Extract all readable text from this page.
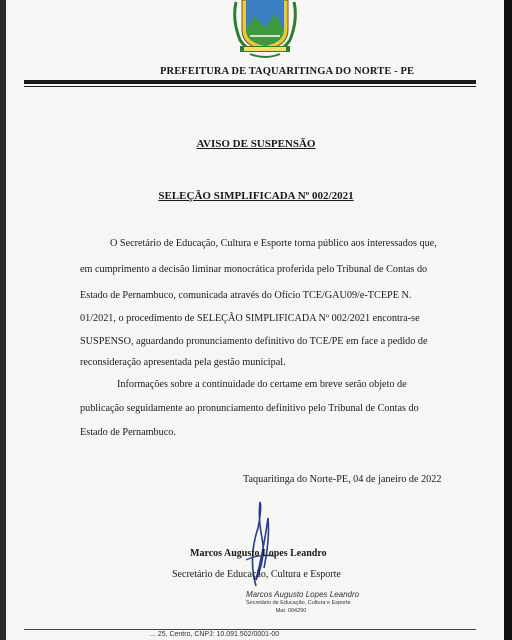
PREFEITURA DE TAQUARITINGA DO NORTE - PE
AVISO DE SUSPENSÃO
SELEÇÃO SIMPLIFICADA Nº 002/2021
O Secretário de Educação, Cultura e Esporte torna público aos interessados que,
em cumprimento a decisão liminar monocrática proferida pelo Tribunal de Contas do
Estado de Pernambuco, comunicada através do Ofício TCE/GAU09/e-TCEPE N.
01/2021, o procedimento de SELEÇÃO SIMPLIFICADA Nº 002/2021 encontra-se
SUSPENSO, aguardando pronunciamento definitivo do TCE/PE em face a pedido de
reconsideração apresentada pela gestão municipal.
Informações sobre a continuidade do certame em breve serão objeto de
publicação seguidamente ao pronunciamento definitivo pelo Tribunal de Contas do
Estado de Pernambuco.
Taquaritinga do Norte-PE, 04 de janeiro de 2022
Marcos Augusto Lopes Leandro
Secretário de Educação, Cultura e Esporte
Marcos Augusto Lopes Leandro
Secretário de Educação, Cultura e Esporte
Mat. 004290
... 25, Centro, CNPJ: 10.091.502/0001-00
